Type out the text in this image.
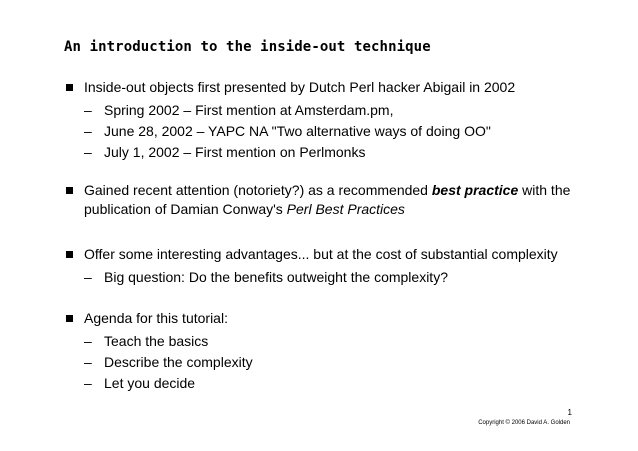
An introduction to the inside-out technique
Inside-out objects first presented by Dutch Perl hacker Abigail in 2002
– Spring 2002 – First mention at Amsterdam.pm,
– June 28, 2002 – YAPC NA "Two alternative ways of doing OO"
– July 1, 2002 – First mention on Perlmonks
Gained recent attention (notoriety?) as a recommended best practice with the
publication of Damian Conway's Perl Best Practices
Offer some interesting advantages... but at the cost of substantial complexity
– Big question: Do the benefits outweight the complexity?
Agenda for this tutorial:
– Teach the basics
– Describe the complexity
– Let you decide
1
Copyright © 2006 David A. Golden
